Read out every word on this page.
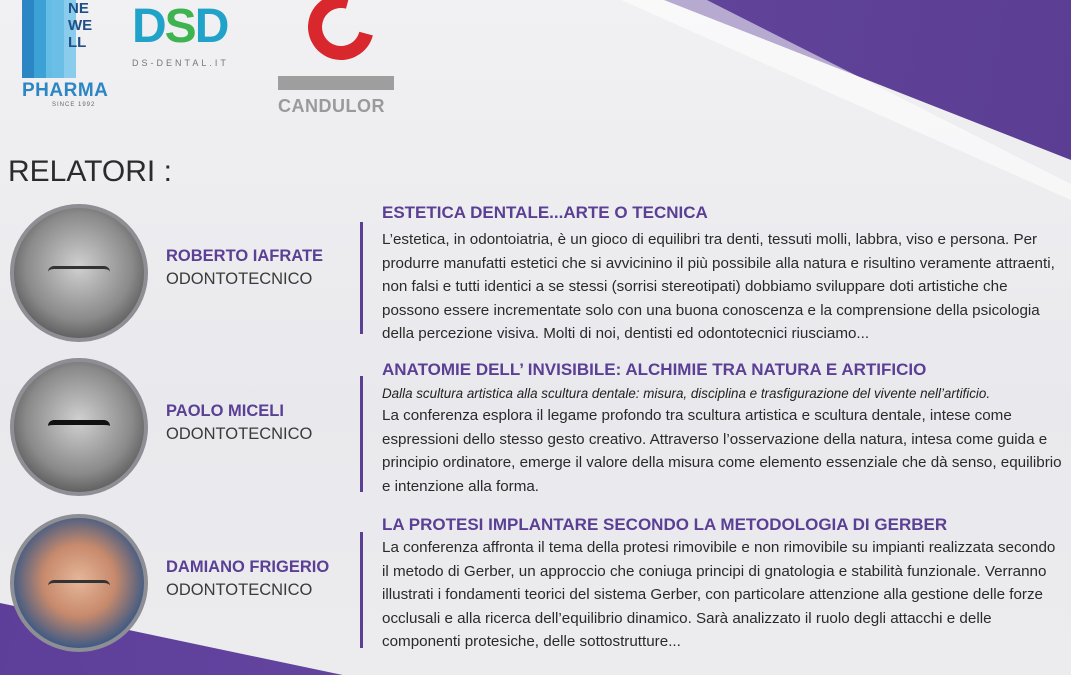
NE
WE
LL
PHARMA
SINCE 1992
DSD
DS-DENTAL.IT
CANDULOR
RELATORI :
ROBERTO IAFRATE
ODONTOTECNICO
ESTETICA DENTALE...ARTE O TECNICA
L’estetica, in odontoiatria, è un gioco di equilibri tra denti, tessuti molli, labbra, viso e persona. Per produrre manufatti estetici che si avvicinino il più possibile alla natura e risultino veramente attraenti, non falsi e tutti identici a se stessi (sorrisi stereotipati) dobbiamo sviluppare doti artistiche che possono essere incrementate solo con una buona conoscenza e la comprensione della psicologia della percezione visiva. Molti di noi, dentisti ed odontotecnici riusciamo...
PAOLO MICELI
ODONTOTECNICO
ANATOMIE DELL’ INVISIBILE: ALCHIMIE TRA NATURA E ARTIFICIO
Dalla scultura artistica alla scultura dentale: misura, disciplina e trasfigurazione del vivente nell’artificio.
La conferenza esplora il legame profondo tra scultura artistica e scultura dentale, intese come espressioni dello stesso gesto creativo. Attraverso l’osservazione della natura, intesa come guida e principio ordinatore, emerge il valore della misura come elemento essenziale che dà senso, equilibrio e intenzione alla forma.
DAMIANO FRIGERIO
ODONTOTECNICO
LA PROTESI IMPLANTARE SECONDO LA METODOLOGIA DI GERBER
La conferenza affronta il tema della protesi rimovibile e non rimovibile su impianti realizzata secondo il metodo di Gerber, un approccio che coniuga principi di gnatologia e stabilità funzionale. Verranno illustrati i fondamenti teorici del sistema Gerber, con particolare attenzione alla gestione delle forze occlusali e alla ricerca dell’equilibrio dinamico. Sarà analizzato il ruolo degli attacchi e delle componenti protesiche, delle sottostrutture...
